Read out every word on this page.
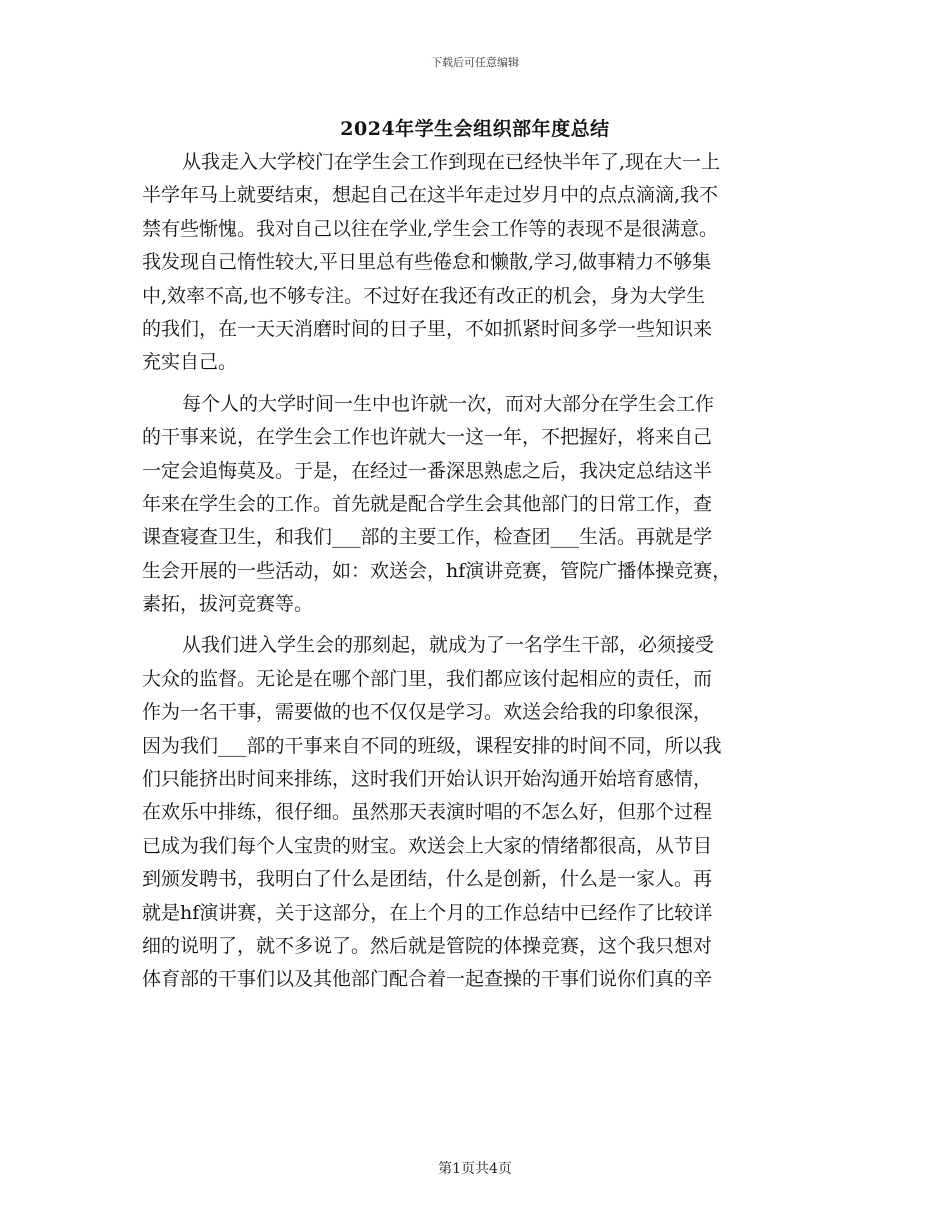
下载后可任意编辑
2024年学生会组织部年度总结
从我走入大学校门在学生会工作到现在已经快半年了,现在大一上
半学年马上就要结束，想起自己在这半年走过岁月中的点点滴滴,我不
禁有些惭愧。我对自己以往在学业,学生会工作等的表现不是很满意。
我发现自己惰性较大,平日里总有些倦怠和懒散,学习,做事精力不够集
中,效率不高,也不够专注。不过好在我还有改正的机会，身为大学生
的我们，在一天天消磨时间的日子里，不如抓紧时间多学一些知识来
充实自己。
每个人的大学时间一生中也许就一次，而对大部分在学生会工作
的干事来说，在学生会工作也许就大一这一年，不把握好，将来自己
一定会追悔莫及。于是，在经过一番深思熟虑之后，我决定总结这半
年来在学生会的工作。首先就是配合学生会其他部门的日常工作，查
课查寝查卫生，和我们___部的主要工作，检查团___生活。再就是学
生会开展的一些活动，如：欢送会，hf演讲竞赛，管院广播体操竞赛，
素拓，拔河竞赛等。
从我们进入学生会的那刻起，就成为了一名学生干部，必须接受
大众的监督。无论是在哪个部门里，我们都应该付起相应的责任，而
作为一名干事，需要做的也不仅仅是学习。欢送会给我的印象很深，
因为我们___部的干事来自不同的班级，课程安排的时间不同，所以我
们只能挤出时间来排练，这时我们开始认识开始沟通开始培育感情，
在欢乐中排练，很仔细。虽然那天表演时唱的不怎么好，但那个过程
已成为我们每个人宝贵的财宝。欢送会上大家的情绪都很高，从节目
到颁发聘书，我明白了什么是团结，什么是创新，什么是一家人。再
就是hf演讲赛，关于这部分，在上个月的工作总结中已经作了比较详
细的说明了，就不多说了。然后就是管院的体操竞赛，这个我只想对
体育部的干事们以及其他部门配合着一起查操的干事们说你们真的辛
第1页共4页
